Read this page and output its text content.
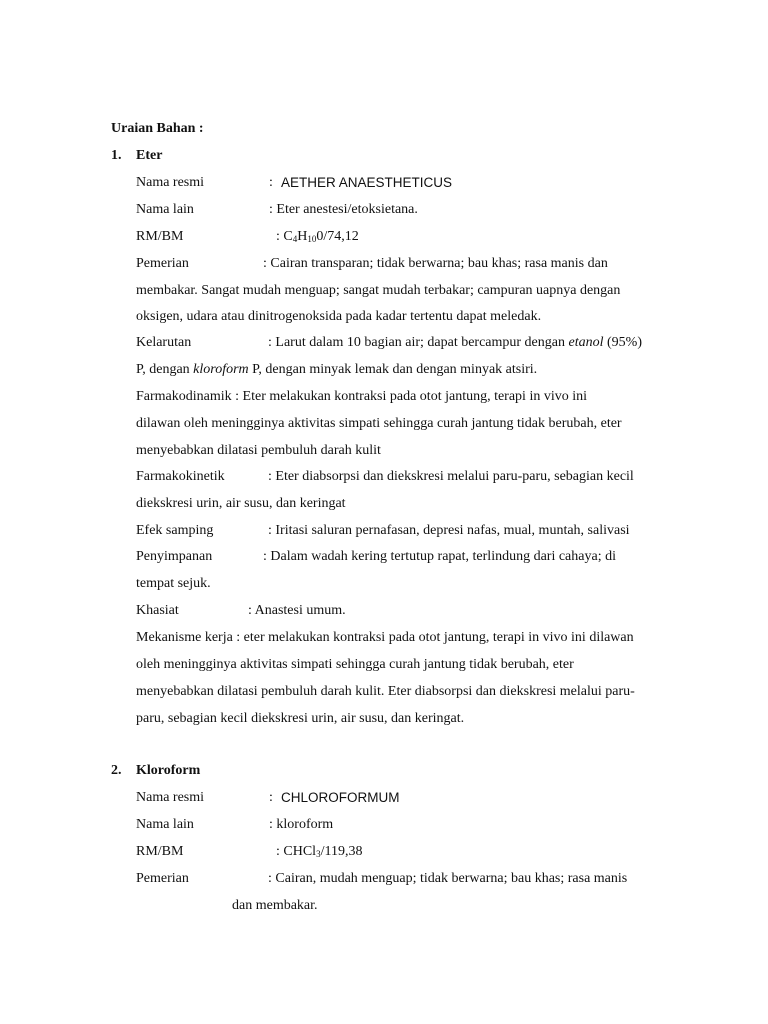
Uraian Bahan :
1. Eter
Nama resmi	: AETHER ANAESTHETICUS
Nama lain	: Eter anestesi/etoksietana.
RM/BM	: $C_4H_{10}0/74,12$
Pemerian	: Cairan transparan; tidak berwarna; bau khas; rasa manis dan
membakar. Sangat mudah menguap; sangat mudah terbakar; campuran uapnya dengan
oksigen, udara atau dinitrogenoksida pada kadar tertentu dapat meledak.
Kelarutan	: Larut dalam 10 bagian air; dapat bercampur dengan etanol (95%)
P, dengan kloroform P, dengan minyak lemak dan dengan minyak atsiri.
Farmakodinamik : Eter melakukan kontraksi pada otot jantung, terapi in vivo ini
dilawan oleh meningginya aktivitas simpati sehingga curah jantung tidak berubah, eter
menyebabkan dilatasi pembuluh darah kulit
Farmakokinetik	: Eter diabsorpsi dan diekskresi melalui paru-paru, sebagian kecil
diekskresi urin, air susu, dan keringat
Efek samping	: Iritasi saluran pernafasan, depresi nafas, mual, muntah, salivasi
Penyimpanan	: Dalam wadah kering tertutup rapat, terlindung dari cahaya; di
tempat sejuk.
Khasiat	: Anastesi umum.
Mekanisme kerja : eter melakukan kontraksi pada otot jantung, terapi in vivo ini dilawan
oleh meningginya aktivitas simpati sehingga curah jantung tidak berubah, eter
menyebabkan dilatasi pembuluh darah kulit. Eter diabsorpsi dan diekskresi melalui paru-
paru, sebagian kecil diekskresi urin, air susu, dan keringat.
2. Kloroform
Nama resmi	: CHLOROFORMUM
Nama lain	: kloroform
RM/BM	: CHCl$_3$/119,38
Pemerian	: Cairan, mudah menguap; tidak berwarna; bau khas; rasa manis
dan membakar.
